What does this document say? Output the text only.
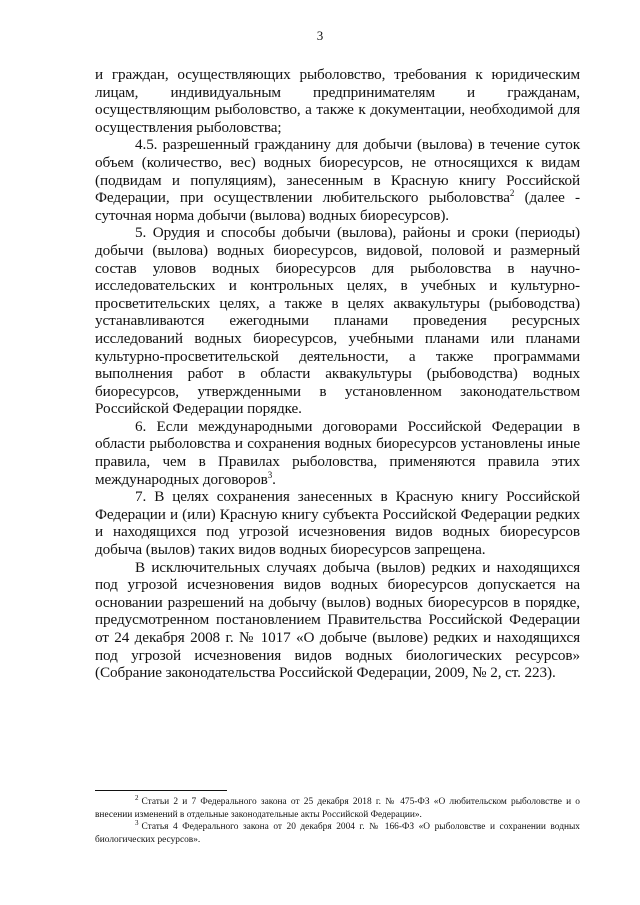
3

и граждан, осуществляющих рыболовство, требования к юридическим лицам, индивидуальным предпринимателям и гражданам, осуществляющим рыболовство, а также к документации, необходимой для осуществления рыболовства;

4.5. разрешенный гражданину для добычи (вылова) в течение суток объем (количество, вес) водных биоресурсов, не относящихся к видам (подвидам и популяциям), занесенным в Красную книгу Российской Федерации, при осуществлении любительского рыболовства$^2$ (далее - суточная норма добычи (вылова) водных биоресурсов).

5. Орудия и способы добычи (вылова), районы и сроки (периоды) добычи (вылова) водных биоресурсов, видовой, половой и размерный состав уловов водных биоресурсов для рыболовства в научно-исследовательских и контрольных целях, в учебных и культурно-просветительских целях, а также в целях аквакультуры (рыбоводства) устанавливаются ежегодными планами проведения ресурсных исследований водных биоресурсов, учебными планами или планами культурно-просветительской деятельности, а также программами выполнения работ в области аквакультуры (рыбоводства) водных биоресурсов, утвержденными в установленном законодательством Российской Федерации порядке.

6. Если международными договорами Российской Федерации в области рыболовства и сохранения водных биоресурсов установлены иные правила, чем в Правилах рыболовства, применяются правила этих международных договоров$^3$.

7. В целях сохранения занесенных в Красную книгу Российской Федерации и (или) Красную книгу субъекта Российской Федерации редких и находящихся под угрозой исчезновения видов водных биоресурсов добыча (вылов) таких видов водных биоресурсов запрещена.

В исключительных случаях добыча (вылов) редких и находящихся под угрозой исчезновения видов водных биоресурсов допускается на основании разрешений на добычу (вылов) водных биоресурсов в порядке, предусмотренном постановлением Правительства Российской Федерации от 24 декабря 2008 г. № 1017 «О добыче (вылове) редких и находящихся под угрозой исчезновения видов водных биологических ресурсов» (Собрание законодательства Российской Федерации, 2009, № 2, ст. 223).

$^2$ Статьи 2 и 7 Федерального закона от 25 декабря 2018 г. № 475-ФЗ «О любительском рыболовстве и о внесении изменений в отдельные законодательные акты Российской Федерации».

$^3$ Статья 4 Федерального закона от 20 декабря 2004 г. № 166-ФЗ «О рыболовстве и сохранении водных биологических ресурсов».
